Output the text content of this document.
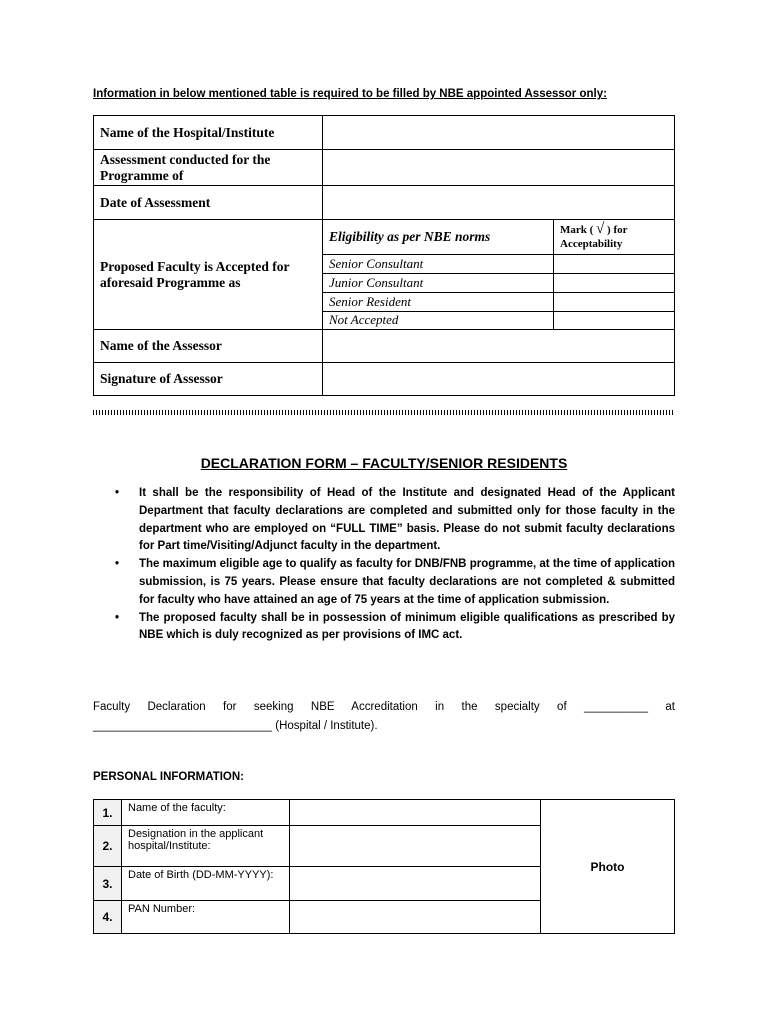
Information in below mentioned table is required to be filled by NBE appointed Assessor only:
Name of the Hospital/Institute	
Assessment conducted for the Programme of	
Date of Assessment	
Proposed Faculty is Accepted for aforesaid Programme as	
Eligibility as per NBE norms	Mark ( √ ) for
Acceptability
Senior Consultant	
Junior Consultant	
Senior Resident	
Not Accepted	

Name of the Assessor	
Signature of Assessor	
DECLARATION FORM – FACULTY/SENIOR RESIDENTS
• It shall be the responsibility of Head of the Institute and designated Head of the Applicant Department that faculty declarations are completed and submitted only for those faculty in the department who are employed on “FULL TIME” basis. Please do not submit faculty declarations for Part time/Visiting/Adjunct faculty in the department.
• The maximum eligible age to qualify as faculty for DNB/FNB programme, at the time of application submission, is 75 years. Please ensure that faculty declarations are not completed & submitted for faculty who have attained an age of 75 years at the time of application submission.
• The proposed faculty shall be in possession of minimum eligible qualifications as prescribed by NBE which is duly recognized as per provisions of IMC act.
Faculty Declaration for seeking NBE Accreditation in the specialty of __________ at
____________________________ (Hospital / Institute).
PERSONAL INFORMATION:
1.	Name of the faculty:		Photo
2.	Designation in the applicant hospital/Institute:		
3.	Date of Birth (DD-MM-YYYY):		
4.	PAN Number:		
